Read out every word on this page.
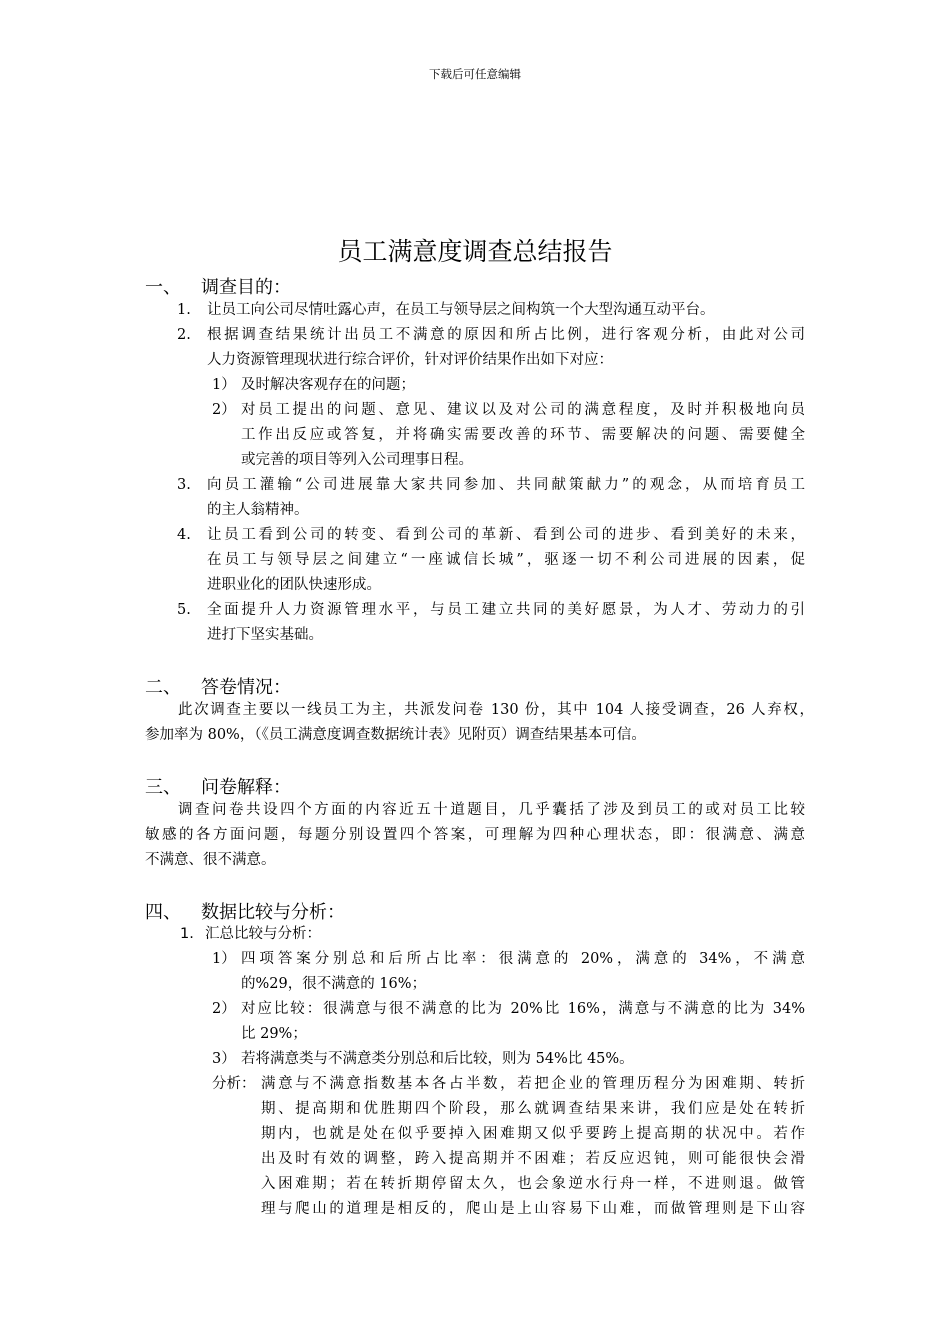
下载后可任意编辑
员工满意度调查总结报告
一、 调查目的：
1. 让员工向公司尽情吐露心声，在员工与领导层之间构筑一个大型沟通互动平台。
2. 根据调查结果统计出员工不满意的原因和所占比例，进行客观分析，由此对公司
人力资源管理现状进行综合评价，针对评价结果作出如下对应：
1） 及时解决客观存在的问题；
2） 对员工提出的问题、意见、建议以及对公司的满意程度，及时并积极地向员
工作出反应或答复，并将确实需要改善的环节、需要解决的问题、需要健全
或完善的项目等列入公司理事日程。
3. 向员工灌输“公司进展靠大家共同参加、共同献策献力”的观念，从而培育员工
的主人翁精神。
4. 让员工看到公司的转变、看到公司的革新、看到公司的进步、看到美好的未来，
在员工与领导层之间建立“一座诚信长城”，驱逐一切不利公司进展的因素，促
进职业化的团队快速形成。
5. 全面提升人力资源管理水平，与员工建立共同的美好愿景，为人才、劳动力的引
进打下坚实基础。
二、 答卷情况：
此次调查主要以一线员工为主，共派发问卷 130 份，其中 104 人接受调查，26 人弃权，
参加率为 80%，（《员工满意度调查数据统计表》见附页）调查结果基本可信。
三、 问卷解释：
调查问卷共设四个方面的内容近五十道题目，几乎囊括了涉及到员工的或对员工比较
敏感的各方面问题，每题分别设置四个答案，可理解为四种心理状态，即：很满意、满意
不满意、很不满意。
四、 数据比较与分析：
1. 汇总比较与分析：
1） 四项答案分别总和后所占比率：很满意的 20%，满意的 34%，不满意
的%29，很不满意的 16%；
2） 对应比较：很满意与很不满意的比为 20%比 16%，满意与不满意的比为 34%
比 29%；
3） 若将满意类与不满意类分别总和后比较，则为 54%比 45%。
分析： 满意与不满意指数基本各占半数，若把企业的管理历程分为困难期、转折
期、提高期和优胜期四个阶段，那么就调查结果来讲，我们应是处在转折
期内，也就是处在似乎要掉入困难期又似乎要跨上提高期的状况中。若作
出及时有效的调整，跨入提高期并不困难；若反应迟钝，则可能很快会滑
入困难期；若在转折期停留太久，也会象逆水行舟一样，不进则退。做管
理与爬山的道理是相反的，爬山是上山容易下山难，而做管理则是下山容
